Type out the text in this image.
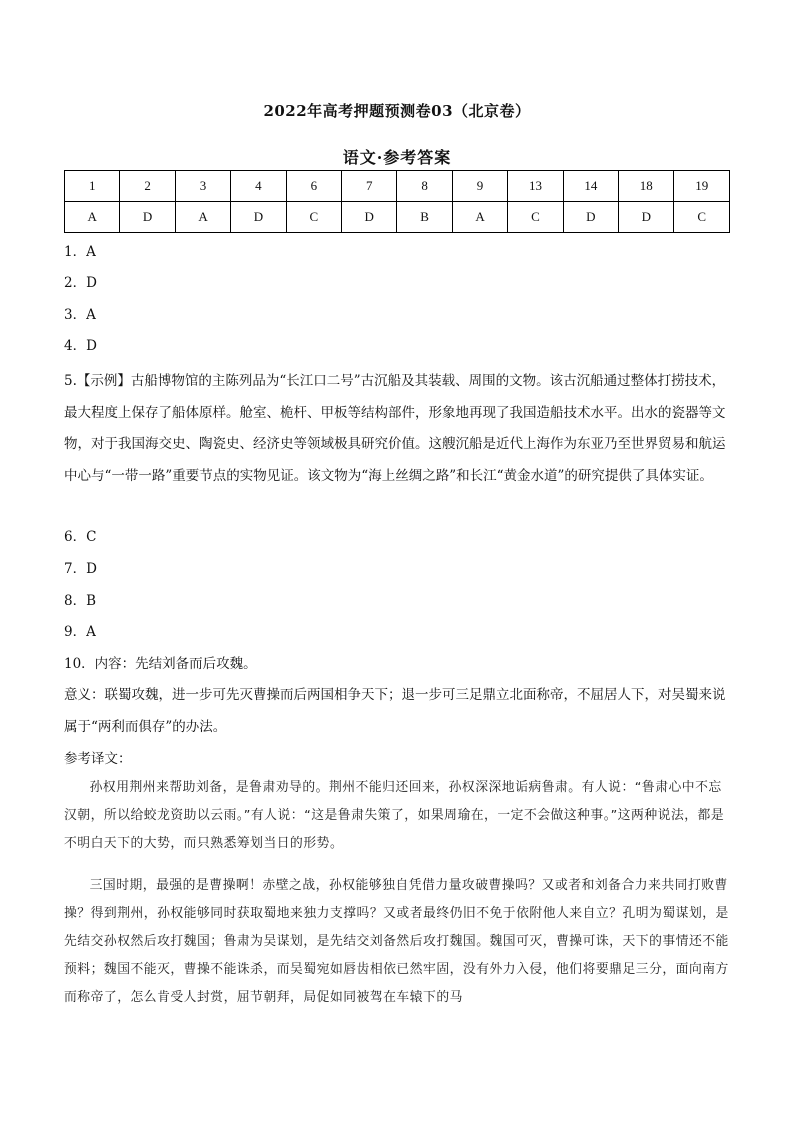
2022年高考押题预测卷03（北京卷）
语文·参考答案
1	2	3	4	6	7	8	9	13	14	18	19
A	D	A	D	C	D	B	A	C	D	D	C
1．A
2．D
3．A
4．D
5.【示例】古船博物馆的主陈列品为“长江口二号”古沉船及其装载、周围的文物。该古沉船通过整体打捞技术，最大程度上保存了船体原样。舱室、桅杆、甲板等结构部件，形象地再现了我国造船技术水平。出水的瓷器等文物，对于我国海交史、陶瓷史、经济史等领域极具研究价值。这艘沉船是近代上海作为东亚乃至世界贸易和航运中心与“一带一路”重要节点的实物见证。该文物为“海上丝绸之路”和长江“黄金水道”的研究提供了具体实证。
6．C
7．D
8．B
9．A
10．内容：先结刘备而后攻魏。
意义：联蜀攻魏，进一步可先灭曹操而后两国相争天下；退一步可三足鼎立北面称帝，不屈居人下，对吴蜀来说属于“两利而俱存”的办法。
参考译文：
孙权用荆州来帮助刘备，是鲁肃劝导的。荆州不能归还回来，孙权深深地诟病鲁肃。有人说：“鲁肃心中不忘汉朝，所以给蛟龙资助以云雨。”有人说：“这是鲁肃失策了，如果周瑜在，一定不会做这种事。”这两种说法，都是不明白天下的大势，而只熟悉筹划当日的形势。
三国时期，最强的是曹操啊！赤壁之战，孙权能够独自凭借力量攻破曹操吗？又或者和刘备合力来共同打败曹操？得到荆州，孙权能够同时获取蜀地来独力支撑吗？又或者最终仍旧不免于依附他人来自立？孔明为蜀谋划，是先结交孙权然后攻打魏国；鲁肃为吴谋划，是先结交刘备然后攻打魏国。魏国可灭，曹操可诛，天下的事情还不能预料；魏国不能灭，曹操不能诛杀，而吴蜀宛如唇齿相依已然牢固，没有外力入侵，他们将要鼎足三分，面向南方而称帝了，怎么肯受人封赏，屈节朝拜，局促如同被驾在车辕下的马
